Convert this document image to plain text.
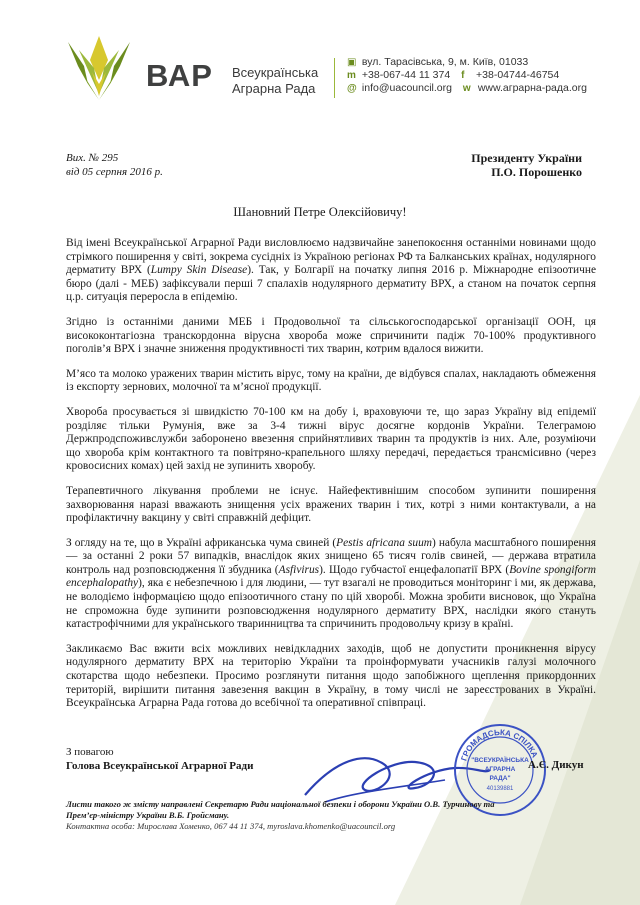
ВАР Всеукраїнська
Аграрна Рада
▣ вул. Тарасівська, 9, м. Київ, 01033
m +38-067-44 11 374 f +38-04744-46754
@ info@uacouncil.org w www.аграрна-рада.org
Вих. № 295
від 05 серпня 2016 р.
Президенту України
П.О. Порошенко
Шановний Петре Олексійовичу!

Від імені Всеукраїнської Аграрної Ради висловлюємо надзвичайне занепокоєння останніми новинами щодо стрімкого поширення у світі, зокрема сусідніх із Україною регіонах РФ та Балканських країнах, нодулярного дерматиту ВРХ (Lumpy Skin Disease). Так, у Болгарії на початку липня 2016 р. Міжнародне епізоотичне бюро (далі - МЕБ) зафіксували перші 7 спалахів нодулярного дерматиту ВРХ, а станом на початок серпня ц.р. ситуація переросла в епідемію.

Згідно із останніми даними МЕБ і Продовольчої та сільськогосподарської організації ООН, ця висококонтагіозна транскордонна вірусна хвороба може спричинити падіж 70-100% продуктивного поголів’я ВРХ і значне зниження продуктивності тих тварин, котрим вдалося вижити.

М’ясо та молоко уражених тварин містить вірус, тому на країни, де відбувся спалах, накладають обмеження із експорту зернових, молочної та м’ясної продукції.

Хвороба просувається зі швидкістю 70-100 км на добу і, враховуючи те, що зараз Україну від епідемії розділяє тільки Румунія, вже за 3-4 тижні вірус досягне кордонів України. Телеграмою Держпродспоживслужби заборонено ввезення сприйнятливих тварин та продуктів із них. Але, розуміючи що хвороба крім контактного та повітряно-крапельного шляху передачі, передається трансмісивно (через кровосисних комах) цей захід не зупинить хворобу.

Терапевтичного лікування проблеми не існує. Найефективнішим способом зупинити поширення захворювання наразі вважають знищення усіх вражених тварин і тих, котрі з ними контактували, а на профілактичну вакцину у світі справжній дефіцит.

З огляду на те, що в Україні африканська чума свиней (Pestis africana suum) набула масштабного поширення — за останні 2 роки 57 випадків, внаслідок яких знищено 65 тисяч голів свиней, — держава втратила контроль над розповсюдження її збудника (Asfivirus). Щодо губчастої енцефалопатії ВРХ (Bovine spongiform encephalopathy), яка є небезпечною і для людини, — тут взагалі не проводиться моніторинг і ми, як держава, не володіємо інформацією щодо епізоотичного стану по цій хворобі. Можна зробити висновок, що Україна не спроможна буде зупинити розповсюдження нодулярного дерматиту ВРХ, наслідки якого стануть катастрофічними для українського тваринництва та спричинить продовольчу кризу в країні.

Закликаємо Вас вжити всіх можливих невідкладних заходів, щоб не допустити проникнення вірусу нодулярного дерматиту ВРХ на територію України та проінформувати учасників галузі молочного скотарства щодо небезпеки. Просимо розглянути питання щодо запобіжного щеплення прикордонних територій, вирішити питання завезення вакцин в Україну, в тому числі не зареєстрованих в Україні. Всеукраїнська Аграрна Рада готова до всебічної та оперативної співпраці.

З повагою
Голова Всеукраїнської Аграрної Ради
ГРОМАДСЬКА СПІЛКА
"ВСЕУКРАЇНСЬКА
АГРАРНА
РАДА"
40139881
А.Є. Дикун
Листи такого ж змісту направлені Секретарю Ради національної безпеки і оборони України О.В. Турчинову та
Прем’єр-міністру України В.Б. Гройсману.
Контактна особа: Мирослава Хоменко, 067 44 11 374, myroslava.khomenko@uacouncil.org
